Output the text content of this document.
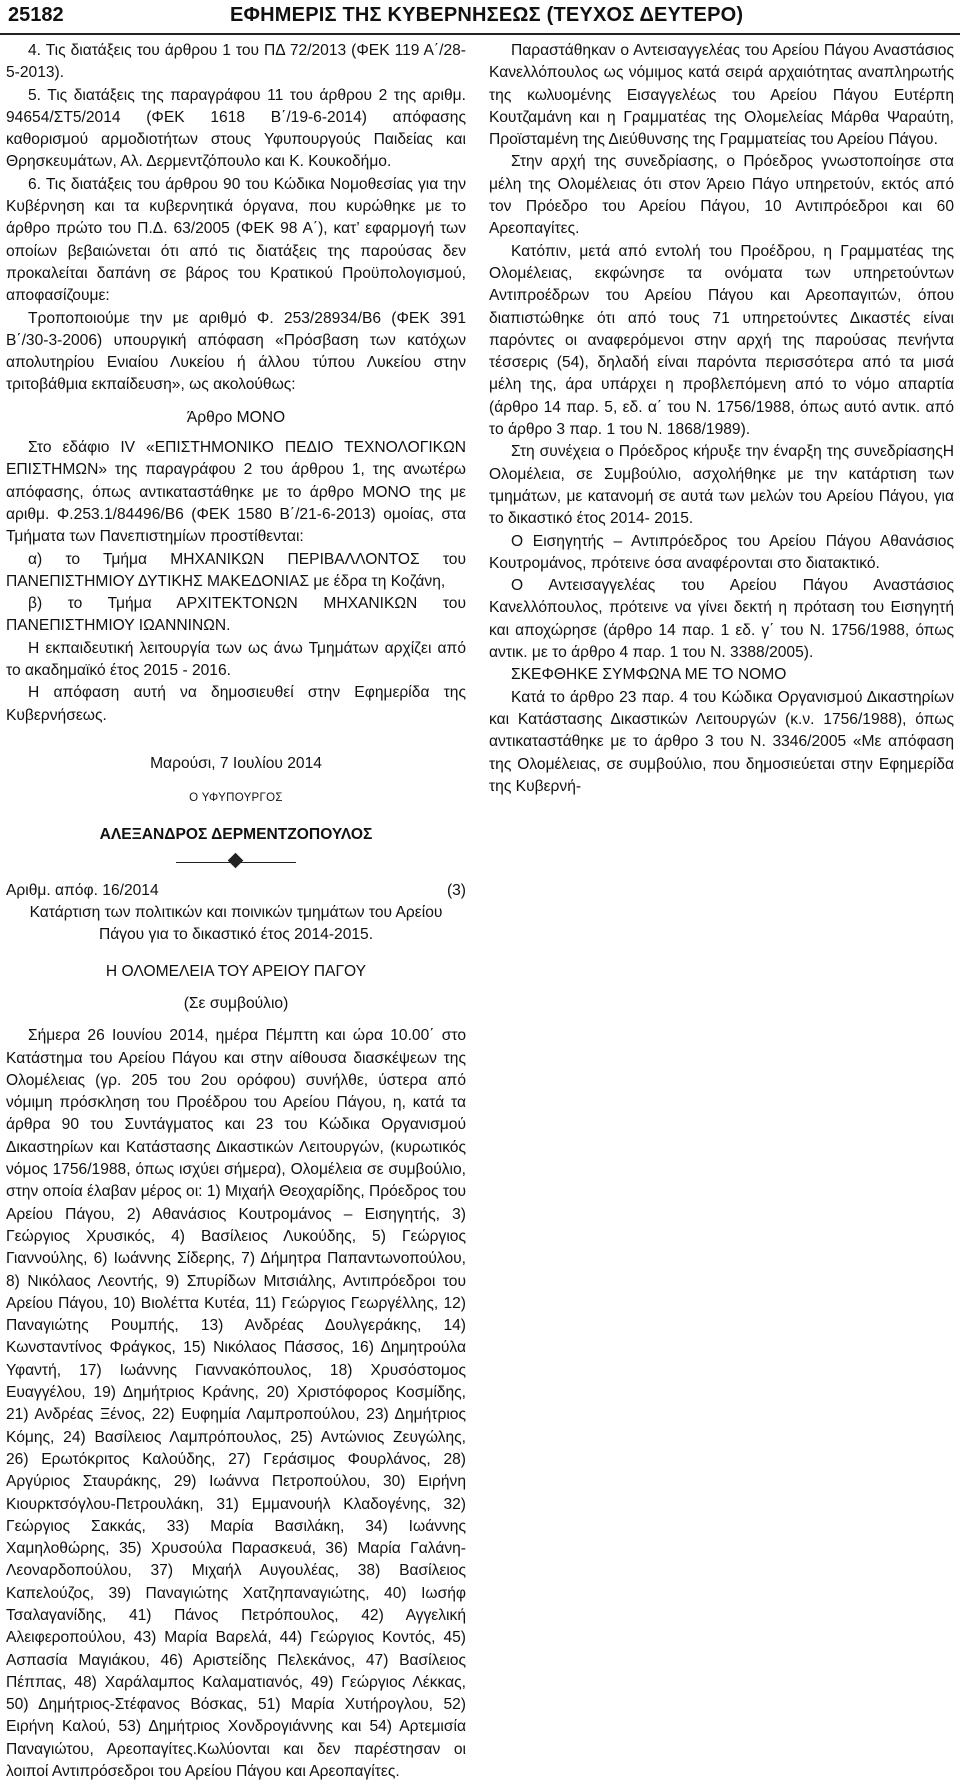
25182	ΕΦΗΜΕΡΙΣ ΤΗΣ ΚΥΒΕΡΝΗΣΕΩΣ (ΤΕΥΧΟΣ ΔΕΥΤΕΡΟ)

4. Τις διατάξεις του άρθρου 1 του ΠΔ 72/2013 (ΦΕΚ 119 Α΄/28-5-2013).

5. Τις διατάξεις της παραγράφου 11 του άρθρου 2 της αριθμ. 94654/ΣΤ5/2014 (ΦΕΚ 1618 Β΄/19-6-2014) απόφασης καθορισμού αρμοδιοτήτων στους Υφυπουργούς Παιδείας και Θρησκευμάτων, Αλ. Δερμεντζόπουλο και Κ. Κουκοδήμο.

6. Τις διατάξεις του άρθρου 90 του Κώδικα Νομοθεσίας για την Κυβέρνηση και τα κυβερνητικά όργανα, που κυρώθηκε με το άρθρο πρώτο του Π.Δ. 63/2005 (ΦΕΚ 98 Α΄), κατ’ εφαρμογή των οποίων βεβαιώνεται ότι από τις διατάξεις της παρούσας δεν προκαλείται δαπάνη σε βάρος του Κρατικού Προϋπολογισμού, αποφασίζουμε:

Τροποποιούμε την με αριθμό Φ. 253/28934/Β6 (ΦΕΚ 391 Β΄/30-3-2006) υπουργική απόφαση «Πρόσβαση των κατόχων απολυτηρίου Ενιαίου Λυκείου ή άλλου τύπου Λυκείου στην τριτοβάθμια εκπαίδευση», ως ακολούθως:

Άρθρο ΜΟΝΟ

Στο εδάφιο IV «ΕΠΙΣΤΗΜΟΝΙΚΟ ΠΕΔΙΟ ΤΕΧΝΟΛΟΓΙΚΩΝ ΕΠΙΣΤΗΜΩΝ» της παραγράφου 2 του άρθρου 1, της ανωτέρω απόφασης, όπως αντικαταστάθηκε με το άρθρο ΜΟΝΟ της με αριθμ. Φ.253.1/84496/Β6 (ΦΕΚ 1580 Β΄/21-6-2013) ομοίας, στα Τμήματα των Πανεπιστημίων προστίθενται:

α) το Τμήμα ΜΗΧΑΝΙΚΩΝ ΠΕΡΙΒΑΛΛΟΝΤΟΣ του ΠΑΝΕΠΙΣΤΗΜΙΟΥ ΔΥΤΙΚΗΣ ΜΑΚΕΔΟΝΙΑΣ με έδρα τη Κοζάνη,

β) το Τμήμα ΑΡΧΙΤΕΚΤΟΝΩΝ ΜΗΧΑΝΙΚΩΝ του ΠΑΝΕΠΙΣΤΗΜΙΟΥ ΙΩΑΝΝΙΝΩΝ.

Η εκπαιδευτική λειτουργία των ως άνω Τμημάτων αρχίζει από το ακαδημαϊκό έτος 2015 - 2016.

Η απόφαση αυτή να δημοσιευθεί στην Εφημερίδα της Κυβερνήσεως.

Μαρούσι, 7 Ιουλίου 2014

Ο ΥΦΥΠΟΥΡΓΟΣ

ΑΛΕΞΑΝΔΡΟΣ ΔΕΡΜΕΝΤΖΟΠΟΥΛΟΣ

Αριθμ. απόφ. 16/2014	(3)

Κατάρτιση των πολιτικών και ποινικών τμημάτων του Αρείου Πάγου για το δικαστικό έτος 2014-2015.

Η ΟΛΟΜΕΛΕΙΑ ΤΟΥ ΑΡΕΙΟΥ ΠΑΓΟΥ

(Σε συμβούλιο)

Σήμερα 26 Ιουνίου 2014, ημέρα Πέμπτη και ώρα 10.00΄ στο Κατάστημα του Αρείου Πάγου και στην αίθουσα διασκέψεων της Ολομέλειας (γρ. 205 του 2ου ορόφου) συνήλθε, ύστερα από νόμιμη πρόσκληση του Προέδρου του Αρείου Πάγου, η, κατά τα άρθρα 90 του Συντάγματος και 23 του Κώδικα Οργανισμού Δικαστηρίων και Κατάστασης Δικαστικών Λειτουργών, (κυρωτικός νόμος 1756/1988, όπως ισχύει σήμερα), Ολομέλεια σε συμβούλιο, στην οποία έλαβαν μέρος οι: 1) Μιχαήλ Θεοχαρίδης, Πρόεδρος του Αρείου Πάγου, 2) Αθανάσιος Κουτρομάνος – Εισηγητής, 3) Γεώργιος Χρυσικός, 4) Βασίλειος Λυκούδης, 5) Γεώργιος Γιαννούλης, 6) Ιωάννης Σίδερης, 7) Δήμητρα Παπαντωνοπούλου, 8) Νικόλαος Λεοντής, 9) Σπυρίδων Μιτσιάλης, Αντιπρόεδροι του Αρείου Πάγου, 10) Βιολέττα Κυτέα, 11) Γεώργιος Γεωργέλλης, 12) Παναγιώτης Ρουμπής, 13) Ανδρέας Δουλγεράκης, 14) Κωνσταντίνος Φράγκος, 15) Νικόλαος Πάσσος, 16) Δημητρούλα Υφαντή, 17) Ιωάννης Γιαννακόπουλος, 18) Χρυσόστομος Ευαγγέλου, 19) Δημήτριος Κράνης, 20) Χριστόφορος Κοσμίδης, 21) Ανδρέας Ξένος, 22) Ευφημία Λαμπροπούλου, 23) Δημήτριος Κόμης, 24) Βασίλειος Λαμπρόπουλος, 25) Αντώνιος Ζευγώλης, 26) Ερωτόκριτος Καλούδης, 27) Γεράσιμος Φουρλάνος, 28) Αργύριος Σταυράκης, 29) Ιωάννα Πετροπούλου, 30) Ειρήνη Κιουρκτσόγλου-Πετρουλάκη, 31) Εμμανουήλ Κλαδογένης, 32) Γεώργιος Σακκάς, 33) Μαρία Βασιλάκη, 34) Ιωάννης Χαμηλοθώρης, 35) Χρυσούλα Παρασκευά, 36) Μαρία Γαλάνη-Λεοναρδοπούλου, 37) Μιχαήλ Αυγουλέας, 38) Βασίλειος Καπελούζος, 39) Παναγιώτης Χατζηπαναγιώτης, 40) Ιωσήφ Τσαλαγανίδης, 41) Πάνος Πετρόπουλος, 42) Αγγελική Αλειφεροπούλου, 43) Μαρία Βαρελά, 44) Γεώργιος Κοντός, 45) Ασπασία Μαγιάκου, 46) Αριστείδης Πελεκάνος, 47) Βασίλειος Πέππας, 48) Χαράλαμπος Καλαματιανός, 49) Γεώργιος Λέκκας, 50) Δημήτριος-Στέφανος Βόσκας, 51) Μαρία Χυτήρογλου, 52) Ειρήνη Καλού, 53) Δημήτριος Χονδρογιάννης και 54) Αρτεμισία Παναγιώτου, Αρεοπαγίτες.Κωλύονται και δεν παρέστησαν οι λοιποί Αντιπρόσεδροι του Αρείου Πάγου και Αρεοπαγίτες.

Παραστάθηκαν ο Αντεισαγγελέας του Αρείου Πάγου Αναστάσιος Κανελλόπουλος ως νόμιμος κατά σειρά αρχαιότητας αναπληρωτής της κωλυομένης Εισαγγελέως του Αρείου Πάγου Ευτέρπη Κουτζαμάνη και η Γραμματέας της Ολομελείας Μάρθα Ψαραύτη, Προϊσταμένη της Διεύθυνσης της Γραμματείας του Αρείου Πάγου.

Στην αρχή της συνεδρίασης, ο Πρόεδρος γνωστοποίησε στα μέλη της Ολομέλειας ότι στον Άρειο Πάγο υπηρετούν, εκτός από τον Πρόεδρο του Αρείου Πάγου, 10 Αντιπρόεδροι και 60 Αρεοπαγίτες.

Κατόπιν, μετά από εντολή του Προέδρου, η Γραμματέας της Ολομέλειας, εκφώνησε τα ονόματα των υπηρετούντων Αντιπροέδρων του Αρείου Πάγου και Αρεοπαγιτών, όπου διαπιστώθηκε ότι από τους 71 υπηρετούντες Δικαστές είναι παρόντες οι αναφερόμενοι στην αρχή της παρούσας πενήντα τέσσερις (54), δηλαδή είναι παρόντα περισσότερα από τα μισά μέλη της, άρα υπάρχει η προβλεπόμενη από το νόμο απαρτία (άρθρο 14 παρ. 5, εδ. α΄ του Ν. 1756/1988, όπως αυτό αντικ. από το άρθρο 3 παρ. 1 του Ν. 1868/1989).

Στη συνέχεια ο Πρόεδρος κήρυξε την έναρξη της συνεδρίασηςΗ Ολομέλεια, σε Συμβούλιο, ασχολήθηκε με την κατάρτιση των τμημάτων, με κατανομή σε αυτά των μελών του Αρείου Πάγου, για το δικαστικό έτος 2014- 2015.

Ο Εισηγητής – Αντιπρόεδρος του Αρείου Πάγου Αθανάσιος Κουτρομάνος, πρότεινε όσα αναφέρονται στο διατακτικό.

Ο Αντεισαγγελέας του Αρείου Πάγου Αναστάσιος Κανελλόπουλος, πρότεινε να γίνει δεκτή η πρόταση του Εισηγητή και αποχώρησε (άρθρο 14 παρ. 1 εδ. γ΄ του Ν. 1756/1988, όπως αντικ. με το άρθρο 4 παρ. 1 του Ν. 3388/2005).

ΣΚΕΦΘΗΚΕ ΣΥΜΦΩΝΑ ΜΕ ΤΟ ΝΟΜΟ

Κατά το άρθρο 23 παρ. 4 του Κώδικα Οργανισμού Δικαστηρίων και Κατάστασης Δικαστικών Λειτουργών (κ.ν. 1756/1988), όπως αντικαταστάθηκε με το άρθρο 3 του Ν. 3346/2005 «Με απόφαση της Ολομέλειας, σε συμβούλιο, που δημοσιεύεται στην Εφημερίδα της Κυβερνή-
